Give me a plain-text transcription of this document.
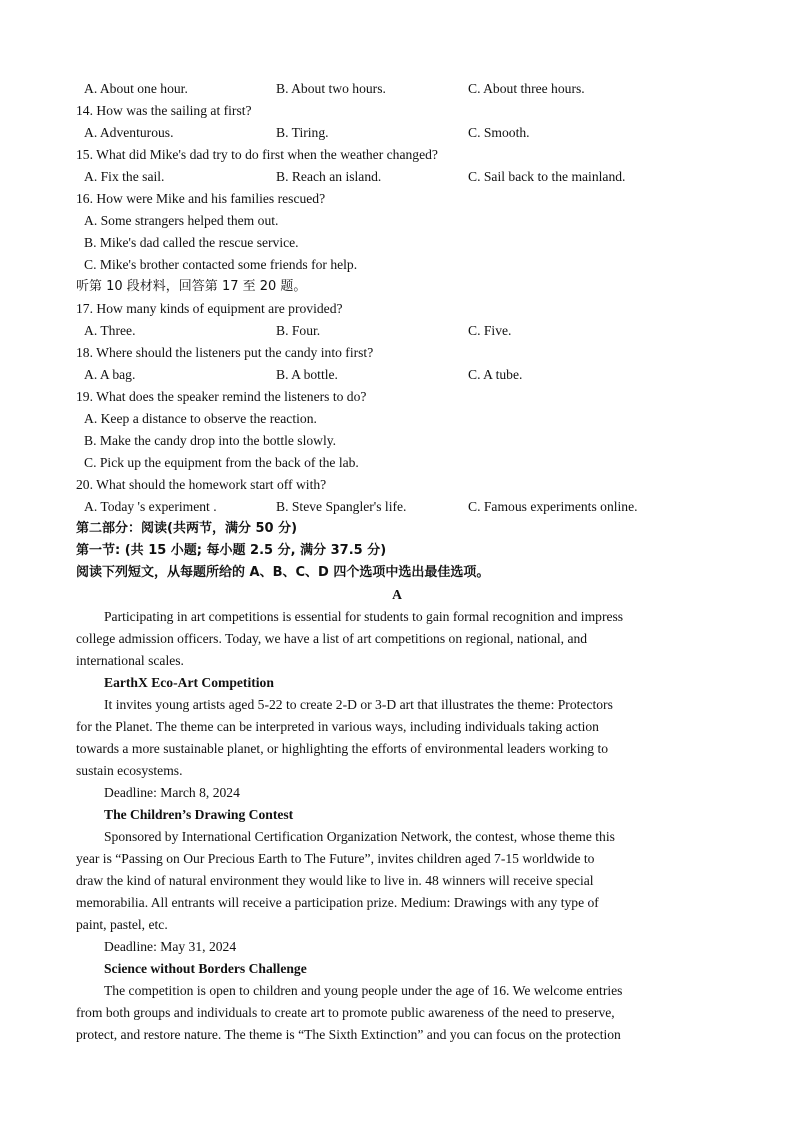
A. About one hour.	B. About two hours.	C. About three hours.
14. How was the sailing at first?
A. Adventurous.	B. Tiring.	C. Smooth.
15. What did Mike's dad try to do first when the weather changed?
A. Fix the sail.	B. Reach an island.	C. Sail back to the mainland.
16. How were Mike and his families rescued?
A. Some strangers helped them out.
B. Mike's dad called the rescue service.
C. Mike's brother contacted some friends for help.
听第 10 段材料，回答第 17 至 20 题。
17. How many kinds of equipment are provided?
A. Three.	B. Four.	C. Five.
18. Where should the listeners put the candy into first?
A. A bag.	B. A bottle.	C. A tube.
19. What does the speaker remind the listeners to do?
A. Keep a distance to observe the reaction.
B. Make the candy drop into the bottle slowly.
C. Pick up the equipment from the back of the lab.
20. What should the homework start off with?
A. Today 's experiment .	B. Steve Spangler's life.	C. Famous experiments online.
第二部分：阅读(共两节，满分 50 分)
第一节: (共 15 小题; 每小题 2.5 分, 满分 37.5 分)
阅读下列短文，从每题所给的 A、B、C、D 四个选项中选出最佳选项。
A
Participating in art competitions is essential for students to gain formal recognition and impress
college admission officers. Today, we have a list of art competitions on regional, national, and
international scales.
EarthX Eco-Art Competition
It invites young artists aged 5-22 to create 2-D or 3-D art that illustrates the theme: Protectors
for the Planet. The theme can be interpreted in various ways, including individuals taking action
towards a more sustainable planet, or highlighting the efforts of environmental leaders working to
sustain ecosystems.
Deadline: March 8, 2024
The Children’s Drawing Contest
Sponsored by International Certification Organization Network, the contest, whose theme this
year is “Passing on Our Precious Earth to The Future”, invites children aged 7-15 worldwide to
draw the kind of natural environment they would like to live in. 48 winners will receive special
memorabilia. All entrants will receive a participation prize. Medium: Drawings with any type of
paint, pastel, etc.
Deadline: May 31, 2024
Science without Borders Challenge
The competition is open to children and young people under the age of 16. We welcome entries
from both groups and individuals to create art to promote public awareness of the need to preserve,
protect, and restore nature. The theme is “The Sixth Extinction” and you can focus on the protection
